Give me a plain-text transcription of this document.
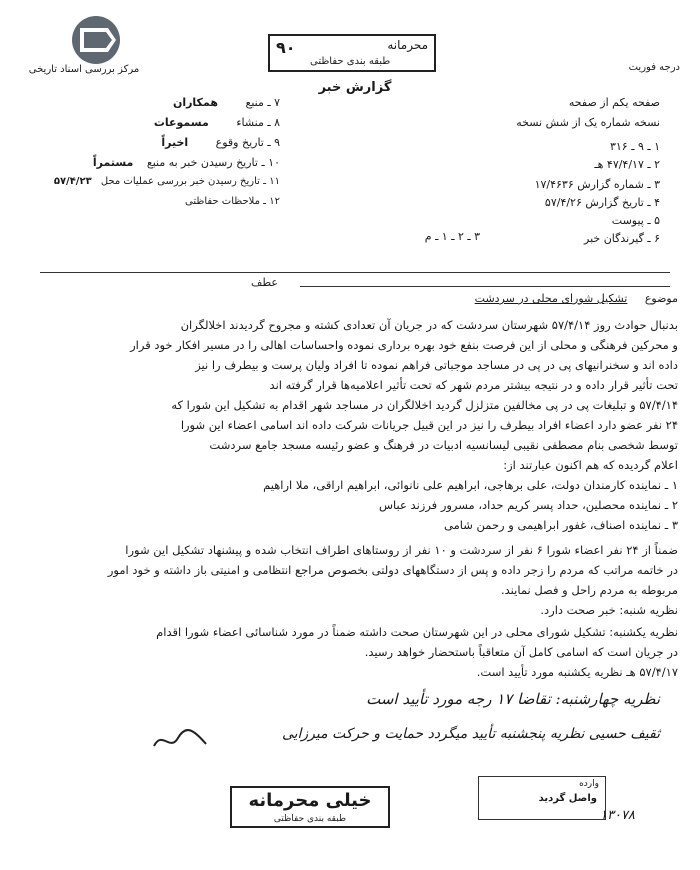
مرکز بررسی اسناد تاریخی
۹۰	محرمانه
طبقه بندی حفاظتی
گزارش خبر
درجه فوریت
صفحه یکم از صفحه
نسخه شماره یک از شش نسخه
۱ ـ ۹ ـ ۳۱۶
۲ ـ ۴۷/۴/۱۷ هـ
۳ ـ شماره گزارش ۱۷/۴۶۳۶
۴ ـ تاریخ گزارش ۵۷/۴/۲۶
۵ ـ پیوست
۶ ـ گیرندگان خبر
۳ ـ ۲ ـ ۱ ـ م
۷ ـ منبع همکاران
۸ ـ منشاء مسموعات
۹ ـ تاریخ وقوع اخیراً
۱۰ ـ تاریخ رسیدن خبر به منبع مستمراً
۱۱ ـ تاریخ رسیدن خبر بررسی عملیات محل ۵۷/۴/۲۳
۱۲ ـ ملاحظات حفاظتی
عطف
موضوع تشکیل شورای محلی در سردشت
بدنبال حوادث روز ۵۷/۴/۱۴ شهرستان سردشت که در جریان آن تعدادی کشته و مجروح گردیدند اخلالگران
و محرکین فرهنگی و محلی از این فرصت بنفع خود بهره برداری نموده واحساسات اهالی را در مسیر افکار خود قرار
داده اند و سخنرانیهای پی در پی در مساجد موجباتی فراهم نموده تا افراد ولیان پرست و بیطرف را نیز
تحت تأثیر قرار داده و در نتیجه بیشتر مردم شهر که تحت تأثیر اعلامیه‌ها قرار گرفته اند
۵۷/۴/۱۴ و تبلیغات پی در پی مخالفین متزلزل گردید اخلالگران در مساجد شهر اقدام به تشکیل این شورا که
۲۴ نفر عضو دارد اعضاء افراد بیطرف را نیز در این قبیل جریانات شرکت داده اند اسامی اعضاء این شورا
توسط شخصی بنام مصطفی نقیبی لیسانسیه ادبیات در فرهنگ و عضو رئیسه مسجد جامع سردشت
اعلام گردیده که هم اکنون عبارتند از:
۱ ـ نماینده کارمندان دولت، علی برهاجی، ابراهیم علی نانوائی، ابراهیم اراقی، ملا اراهیم
۲ ـ نماینده محصلین، حداد پسر کریم حداد، مسرور فرزند عباس
۳ ـ نماینده اصناف، غفور ابراهیمی و رحمن شامی
ضمناً از ۲۴ نفر اعضاء شورا ۶ نفر از سردشت و ۱۰ نفر از روستاهای اطراف انتخاب شده و پیشنهاد تشکیل این شورا
در خاتمه مراتب که مردم را زجر داده و پس از دستگاههای دولتی بخصوص مراجع انتظامی و امنیتی باز داشته و خود امور
مربوطه به مردم راحل و فصل نمایند.
نظریه شنبه: خبر صحت دارد.
نظریه یکشنبه: تشکیل شورای محلی در این شهرستان صحت داشته ضمناً در مورد شناسائی اعضاء شورا اقدام
در جریان است که اسامی کامل آن متعاقباً باستحضار خواهد رسید.
۵۷/۴/۱۷ هـ نظریه یکشنبه مورد تأیید است.
نظریه چهارشنبه: تقاضا ۱۷ رجه مورد تأیید است
ثقیف حسیی نظریه پنجشنبه تأیید میگردد حمایت و حرکت میرزایی
خیلی محرمانه
طبقه بندی حفاظتی
وارده
واصل گردید
۱۳۰۷۸
